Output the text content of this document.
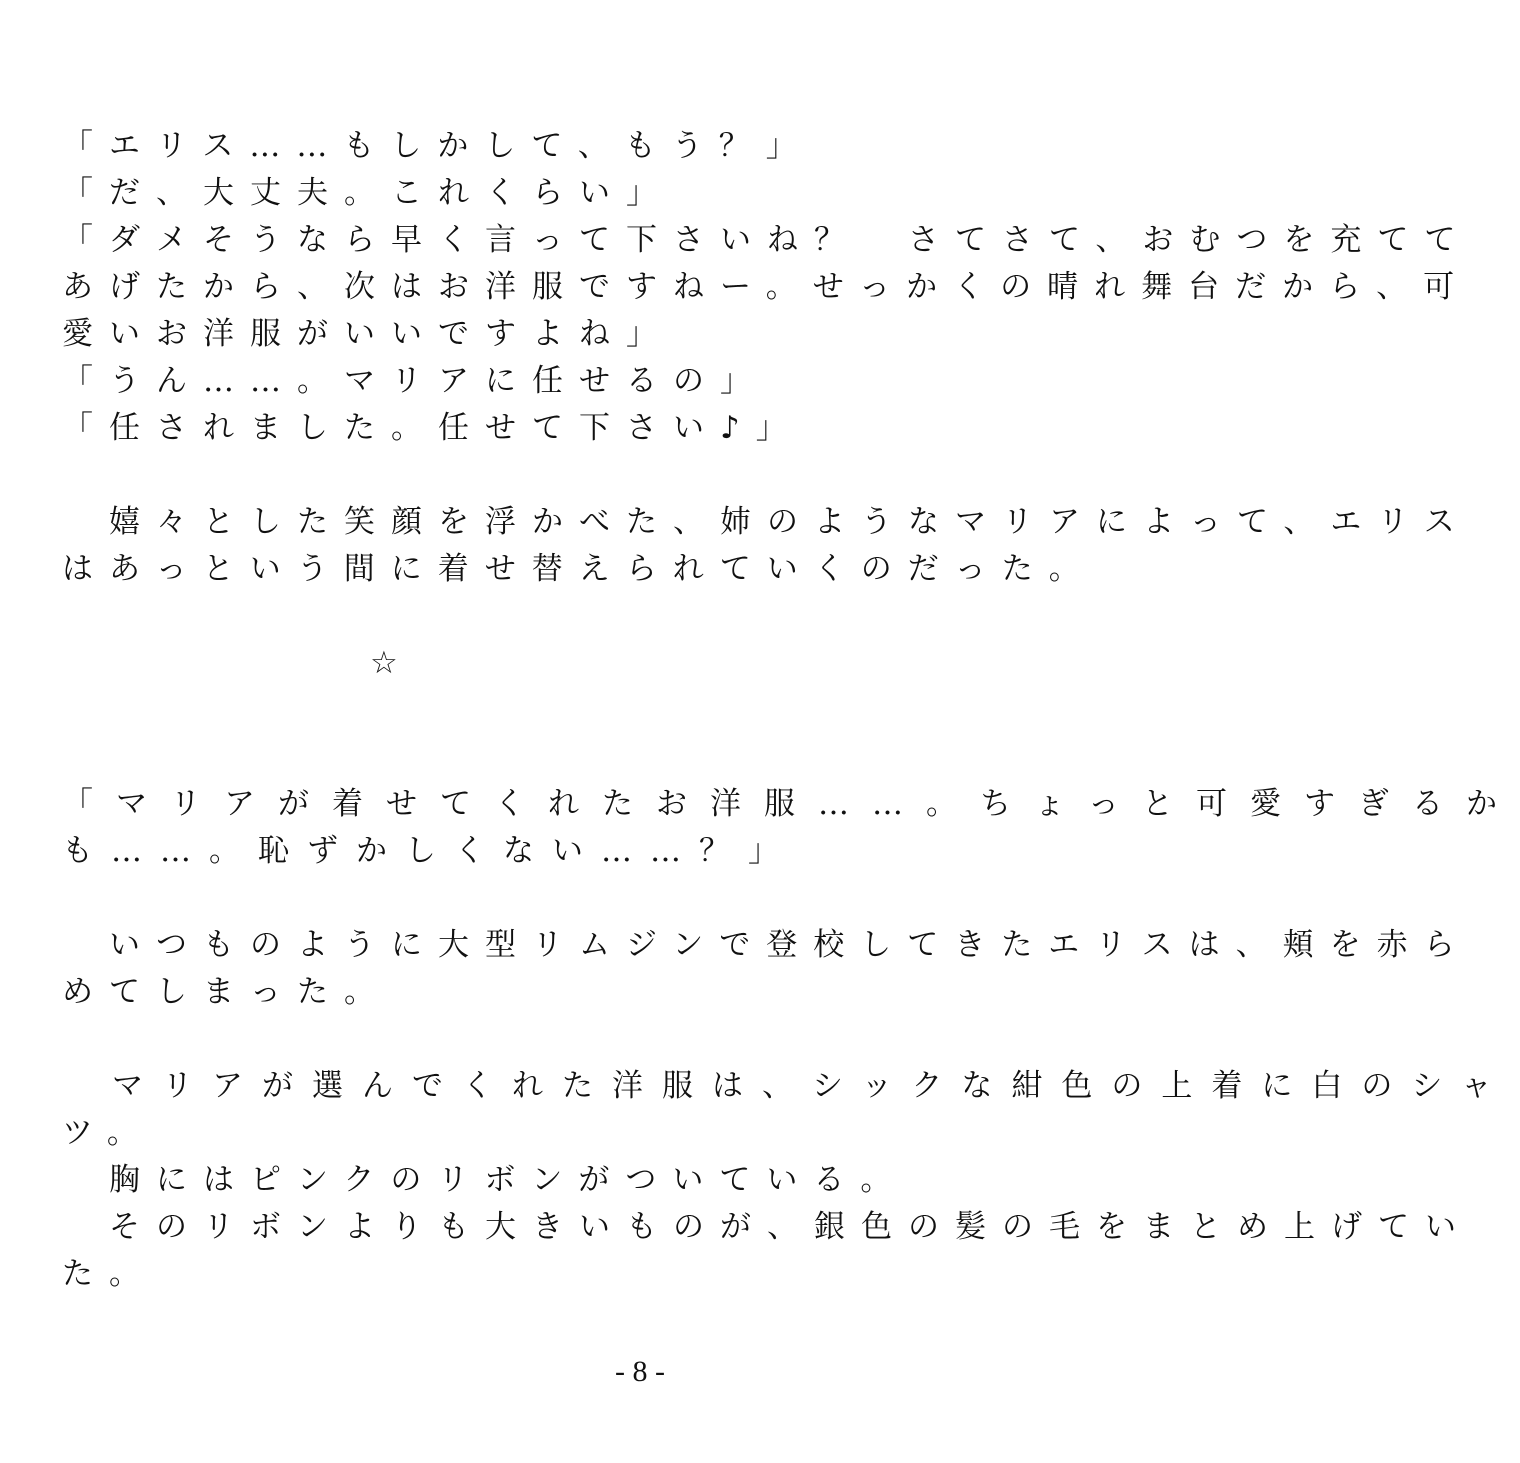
「エリス……もしかして、もう？」
「だ、大丈夫。これくらい」
「ダメそうなら早く言って下さいね？　さてさて、おむつを充てて
あげたから、次はお洋服ですねー。せっかくの晴れ舞台だから、可
愛いお洋服がいいですよね」
「うん……。マリアに任せるの」
「任されました。任せて下さい♪」
　嬉々とした笑顔を浮かべた、姉のようなマリアによって、エリス
はあっという間に着せ替えられていくのだった。
☆
「マリアが着せてくれたお洋服……。ちょっと可愛すぎるか
も……。恥ずかしくない……？」
　いつものように大型リムジンで登校してきたエリスは、頬を赤ら
めてしまった。
　マリアが選んでくれた洋服は、シックな紺色の上着に白のシャ
ツ。
　胸にはピンクのリボンがついている。
　そのリボンよりも大きいものが、銀色の髪の毛をまとめ上げてい
た。
- 8 -
